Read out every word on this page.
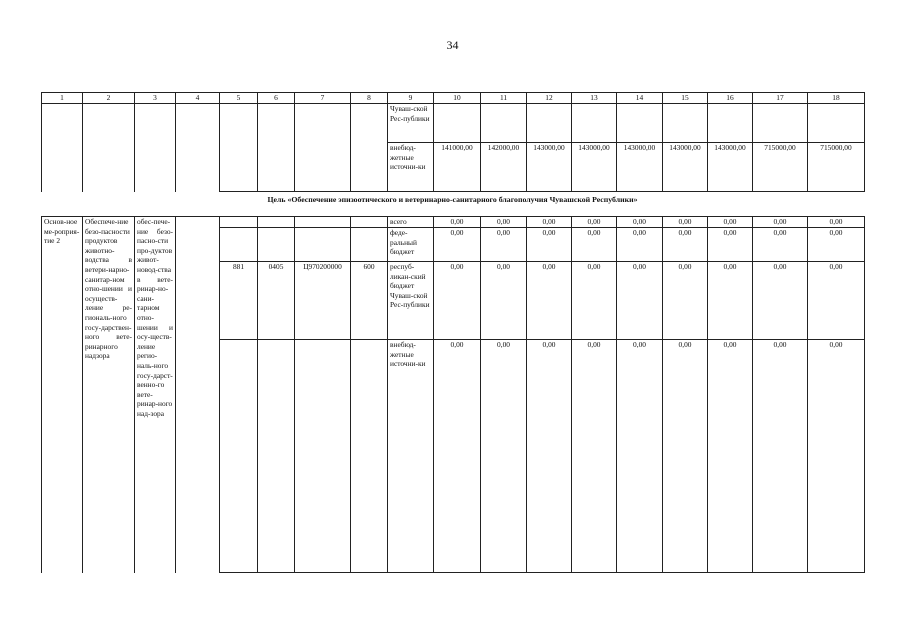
34
1	2	3	4	5	6	7	8	9	10	11	12	13	14	15	16	17	18
								Чуваш-ской Рес-публики									
								внебюд-жетные источни-ки	141000,00	142000,00	143000,00	143000,00	143000,00	143000,00	143000,00	715000,00	715000,00
Цель «Обеспечение эпизоотического и ветеринарно-санитарного благополучия Чувашской Республики»
Основ-ное ме-роприя-тие 2	Обеспече-ние безо-пасности продуктов животно-водства в ветери-нарно-санитар-ном отно-шении и осуществ-ление ре-гиональ-ного госу-дарствен-ного вете-ринарного надзора	обес-пече-ние безо-пасно-сти про-дуктов живот-новод-ства в вете-ринар-но-сани-тарном отно-шении и осу-ществ-ление регио-наль-ного госу-дарст-венно-го вете-ринар-ного над-зора						всего	0,00	0,00	0,00	0,00	0,00	0,00	0,00	0,00	0,00
								феде-ральный бюджет	0,00	0,00	0,00	0,00	0,00	0,00	0,00	0,00	0,00
				881	0405	Ц970200000	600	респуб-ликан-ский бюджет Чуваш-ской Рес-публики	0,00	0,00	0,00	0,00	0,00	0,00	0,00	0,00	0,00
								внебюд-жетные источни-ки	0,00	0,00	0,00	0,00	0,00	0,00	0,00	0,00	0,00
